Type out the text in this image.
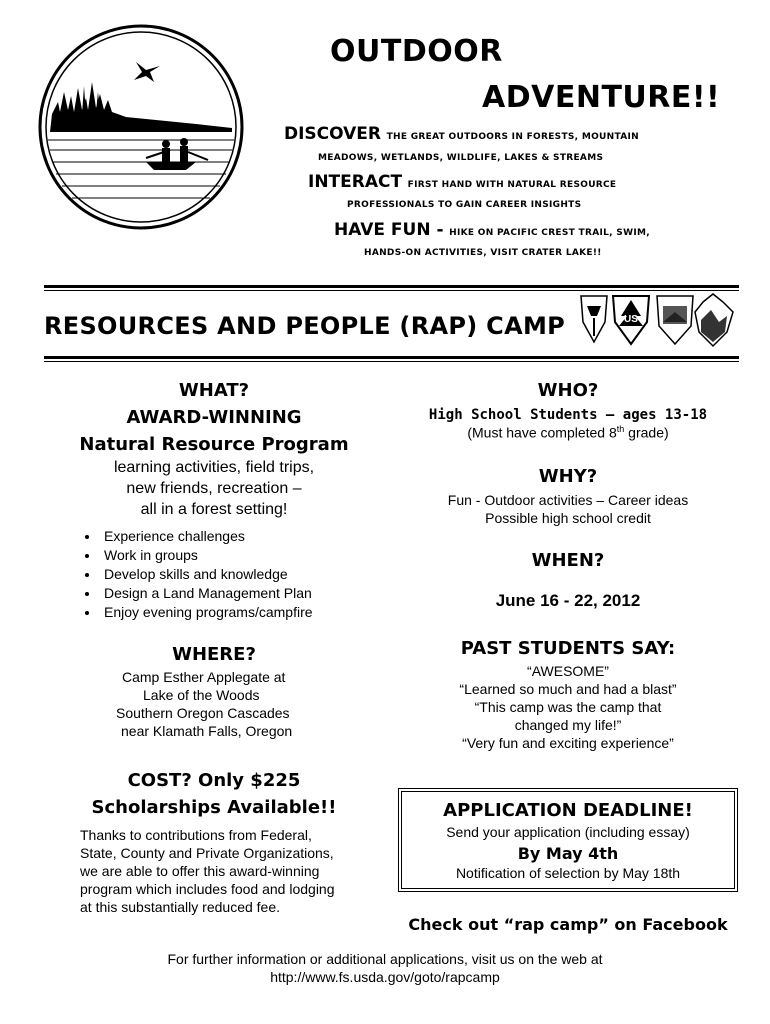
OUTDOOR
ADVENTURE!!
DISCOVER THE GREAT OUTDOORS IN FORESTS, MOUNTAIN
MEADOWS, WETLANDS, WILDLIFE, LAKES & STREAMS
INTERACT FIRST HAND WITH NATURAL RESOURCE
PROFESSIONALS TO GAIN CAREER INSIGHTS
HAVE FUN - HIKE ON PACIFIC CREST TRAIL, SWIM,
HANDS-ON ACTIVITIES, VISIT CRATER LAKE!!
RESOURCES AND PEOPLE (RAP) CAMP	US
WHAT?
AWARD-WINNING
Natural Resource Program
learning activities, field trips,
new friends, recreation –
all in a forest setting!
• Experience challenges
• Work in groups
• Develop skills and knowledge
• Design a Land Management Plan
• Enjoy evening programs/campfire
WHERE?
Camp Esther Applegate at
Lake of the Woods
Southern Oregon Cascades
near Klamath Falls, Oregon
COST? Only $225
Scholarships Available!!
Thanks to contributions from Federal,
State, County and Private Organizations,
we are able to offer this award-winning
program which includes food and lodging
at this substantially reduced fee.
WHO?
High School Students – ages 13-18
(Must have completed 8th grade)
WHY?
Fun - Outdoor activities – Career ideas
Possible high school credit
WHEN?
June 16 - 22, 2012
PAST STUDENTS SAY:
“AWESOME”
“Learned so much and had a blast”
“This camp was the camp that
changed my life!”
“Very fun and exciting experience”
APPLICATION DEADLINE!
Send your application (including essay)
By May 4th
Notification of selection by May 18th
Check out “rap camp” on Facebook
For further information or additional applications, visit us on the web at
http://www.fs.usda.gov/goto/rapcamp
